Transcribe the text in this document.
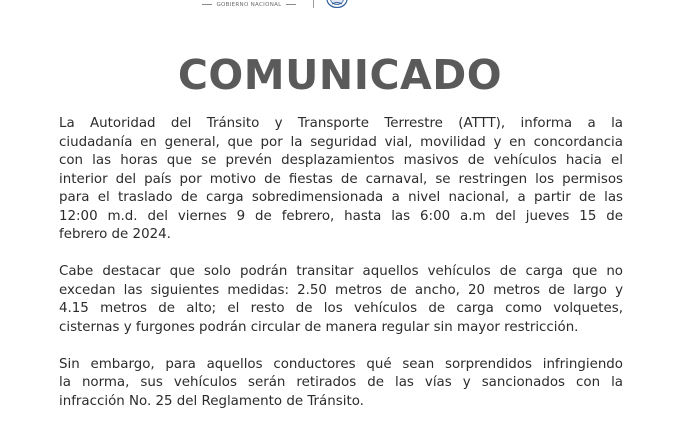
GOBIERNO NACIONAL
COMUNICADO

La Autoridad del Tránsito y Transporte Terrestre (ATTT), informa a la
ciudadanía en general, que por la seguridad vial, movilidad y en concordancia
con las horas que se prevén desplazamientos masivos de vehículos hacia el
interior del país por motivo de fiestas de carnaval, se restringen los permisos
para el traslado de carga sobredimensionada a nivel nacional, a partir de las
12:00 m.d. del viernes 9 de febrero, hasta las 6:00 a.m del jueves 15 de
febrero de 2024.

Cabe destacar que solo podrán transitar aquellos vehículos de carga que no
excedan las siguientes medidas: 2.50 metros de ancho, 20 metros de largo y
4.15 metros de alto; el resto de los vehículos de carga como volquetes,
cisternas y furgones podrán circular de manera regular sin mayor restricción.

Sin embargo, para aquellos conductores qué sean sorprendidos infringiendo
la norma, sus vehículos serán retirados de las vías y sancionados con la
infracción No. 25 del Reglamento de Tránsito.
